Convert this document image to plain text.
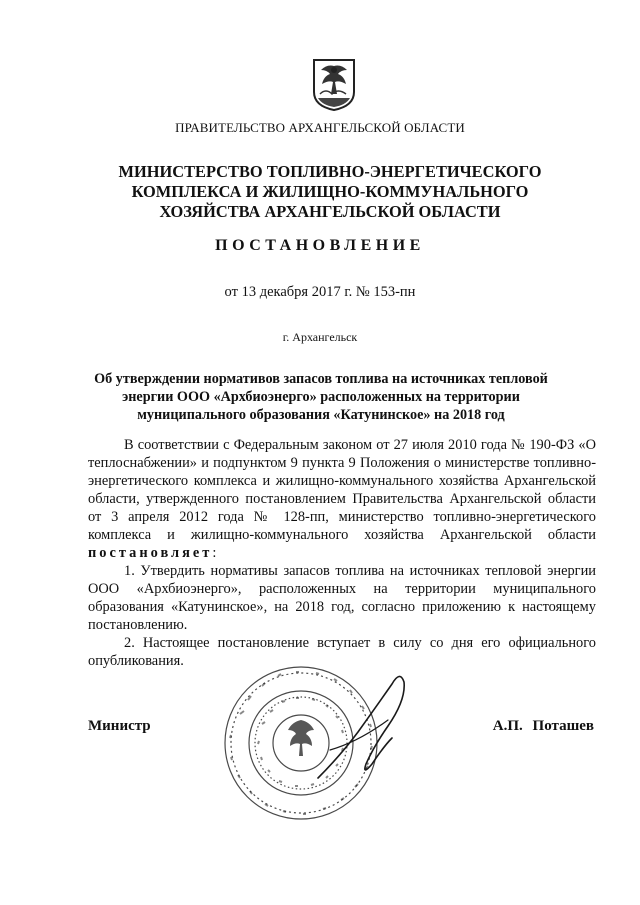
ПРАВИТЕЛЬСТВО АРХАНГЕЛЬСКОЙ ОБЛАСТИ
МИНИСТЕРСТВО ТОПЛИВНО-ЭНЕРГЕТИЧЕСКОГО
КОМПЛЕКСА И ЖИЛИЩНО-КОММУНАЛЬНОГО
ХОЗЯЙСТВА АРХАНГЕЛЬСКОЙ ОБЛАСТИ
ПОСТАНОВЛЕНИЕ
от 13 декабря 2017 г. № 153-пн
г. Архангельск
Об утверждении нормативов запасов топлива на источниках тепловой
энергии ООО «Архбиоэнерго» расположенных на территории
муниципального образования «Катунинское» на 2018 год

В соответствии с Федеральным законом от 27 июля 2010 года № 190-ФЗ «О теплоснабжении» и подпунктом 9 пункта 9 Положения о министерстве топливно-энергетического комплекса и жилищно-коммунального хозяйства Архангельской области, утвержденного постановлением Правительства Архангельской области от 3 апреля 2012 года № 128-пп, министерство топливно-энергетического комплекса и жилищно-коммунального хозяйства Архангельской области постановляет:

1. Утвердить нормативы запасов топлива на источниках тепловой энергии ООО «Архбиоэнерго», расположенных на территории муниципального образования «Катунинское», на 2018 год, согласно приложению к настоящему постановлению.

2. Настоящее постановление вступает в силу со дня его официального опубликования.

Министр	А.П. Поташев
